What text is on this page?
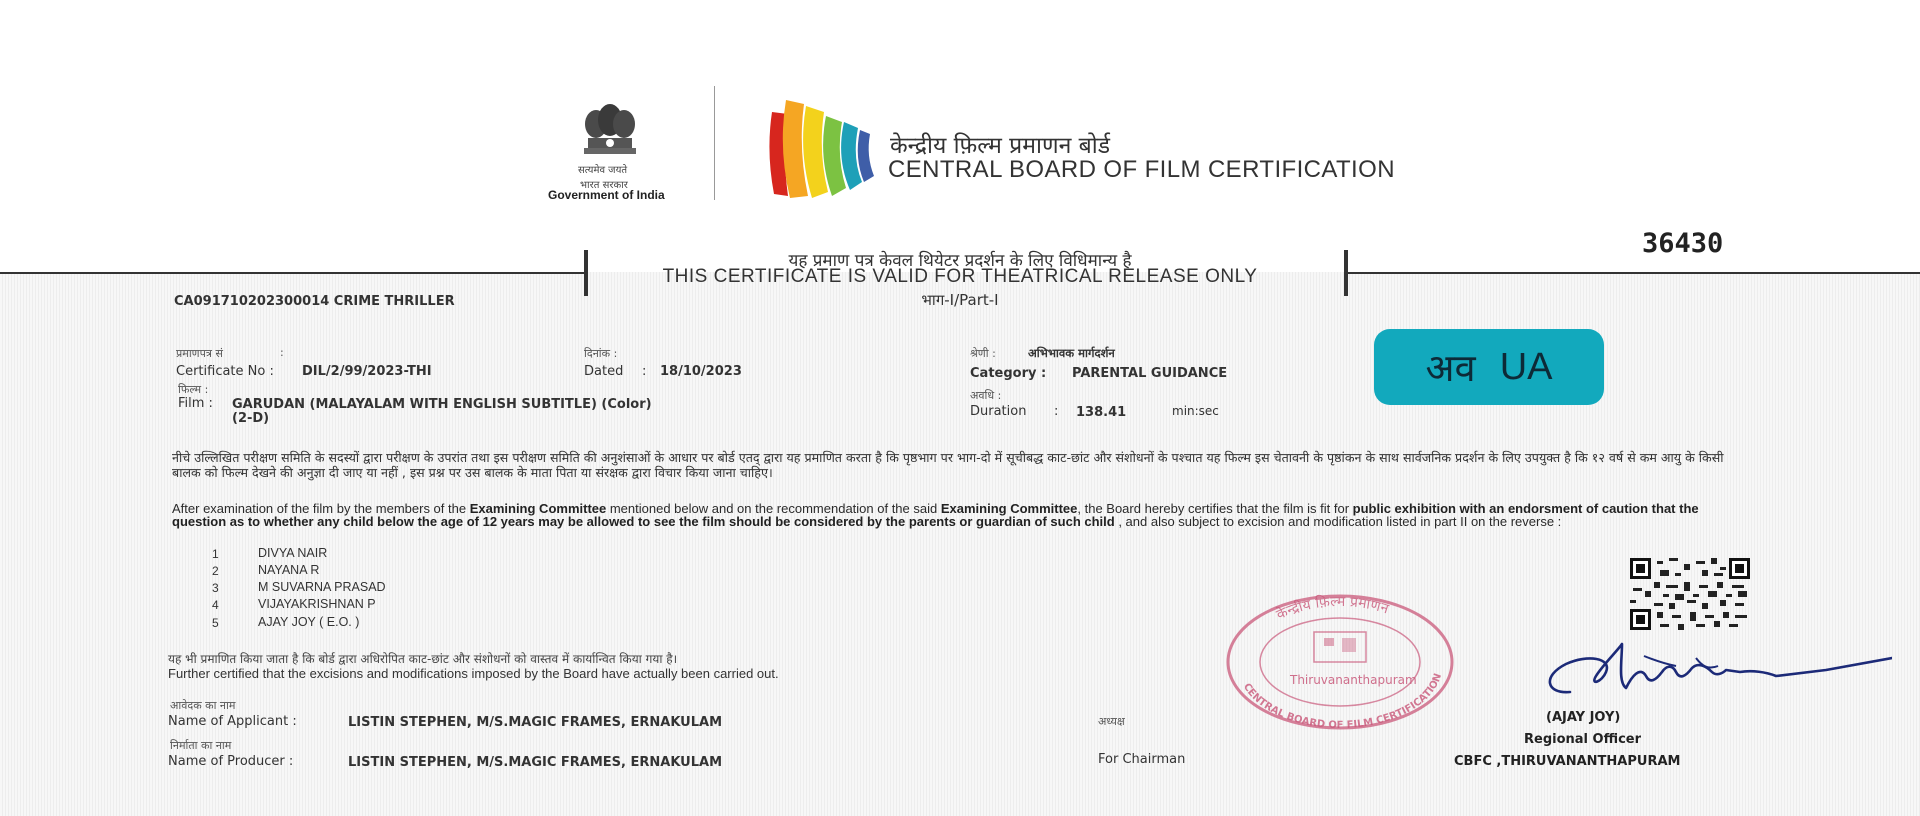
सत्यमेव जयते
भारत सरकार
Government of India
केन्द्रीय फ़िल्म प्रमाणन बोर्ड
CENTRAL BOARD OF FILM CERTIFICATION
यह प्रमाण पत्र केवल थियेटर प्रदर्शन के लिए विधिमान्य है
THIS CERTIFICATE IS VALID FOR THEATRICAL RELEASE ONLY
भाग-I/Part-I
36430
CA091710202300014 CRIME THRILLER
प्रमाणपत्र सं	:
Certificate No : DIL/2/99/2023-THI
दिनांक :
Dated : 18/10/2023
श्रेणी :	अभिभावक मार्गदर्शन
Category : PARENTAL GUIDANCE
फिल्म :
Film : GARUDAN (MALAYALAM WITH ENGLISH SUBTITLE) (Color)
(2-D)
अवधि :
Duration : 138.41	min:sec
अव UA
नीचे उल्लिखित परीक्षण समिति के सदस्यों द्वारा परीक्षण के उपरांत तथा इस परीक्षण समिति की अनुशंसाओं के आधार पर बोर्ड एतद् द्वारा यह प्रमाणित करता है कि पृष्ठभाग पर भाग-दो में सूचीबद्ध काट-छांट और संशोधनों के पश्चात यह फिल्म इस चेतावनी के पृष्ठांकन के साथ सार्वजनिक प्रदर्शन के लिए उपयुक्त है कि १२ वर्ष से कम आयु के किसी बालक को फिल्म देखने की अनुज्ञा दी जाए या नहीं , इस प्रश्न पर उस बालक के माता पिता या संरक्षक द्वारा विचार किया जाना चाहिए।
After examination of the film by the members of the Examining Committee mentioned below and on the recommendation of the said Examining Committee, the Board hereby certifies that the film is fit for public exhibition with an endorsment of caution that the question as to whether any child below the age of 12 years may be allowed to see the film should be considered by the parents or guardian of such child , and also subject to excision and modification listed in part II on the reverse :
1	DIVYA NAIR
2	NAYANA R
3	M SUVARNA PRASAD
4	VIJAYAKRISHNAN P
5	AJAY JOY ( E.O. )
यह भी प्रमाणित किया जाता है कि बोर्ड द्वारा अधिरोपित काट-छांट और संशोधनों को वास्तव में कार्यान्वित किया गया है।
Further certified that the excisions and modifications imposed by the Board have actually been carried out.
आवेदक का नाम
Name of Applicant :	LISTIN STEPHEN, M/S.MAGIC FRAMES, ERNAKULAM
निर्माता का नाम
Name of Producer :	LISTIN STEPHEN, M/S.MAGIC FRAMES, ERNAKULAM
अध्यक्ष
For Chairman
केन्द्रीय फ़िल्म प्रमाणन
CENTRAL BOARD OF FILM CERTIFICATION
Thiruvananthapuram
(AJAY JOY)
Regional Officer
CBFC ,THIRUVANANTHAPURAM
